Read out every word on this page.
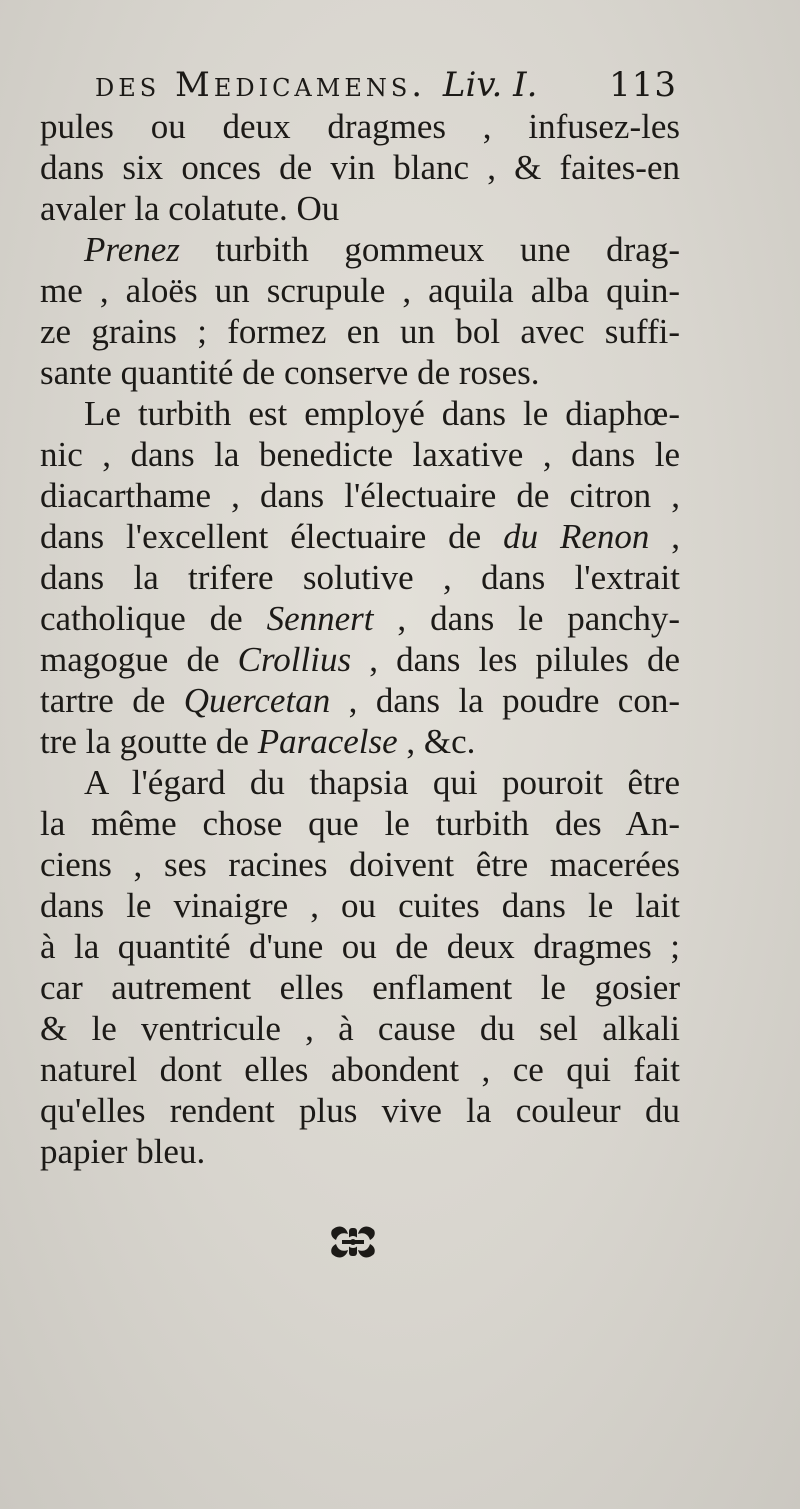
des Medicamens. Liv. I. 113
pules ou deux dragmes , infusez-les
dans six onces de vin blanc , & faites-en
avaler la colatute. Ou
Prenez turbith gommeux une drag-
me , aloës un scrupule , aquila alba quin-
ze grains ; formez en un bol avec suffi-
sante quantité de conserve de roses.
Le turbith est employé dans le diaphœ-
nic , dans la benedicte laxative , dans le
diacarthame , dans l'électuaire de citron ,
dans l'excellent électuaire de du Renon ,
dans la trifere solutive , dans l'extrait
catholique de Sennert , dans le panchy-
magogue de Crollius , dans les pilules de
tartre de Quercetan , dans la poudre con-
tre la goutte de Paracelse , &c.
A l'égard du thapsia qui pouroit être
la même chose que le turbith des An-
ciens , ses racines doivent être macerées
dans le vinaigre , ou cuites dans le lait
à la quantité d'une ou de deux dragmes ;
car autrement elles enflament le gosier
& le ventricule , à cause du sel alkali
naturel dont elles abondent , ce qui fait
qu'elles rendent plus vive la couleur du
papier bleu.
